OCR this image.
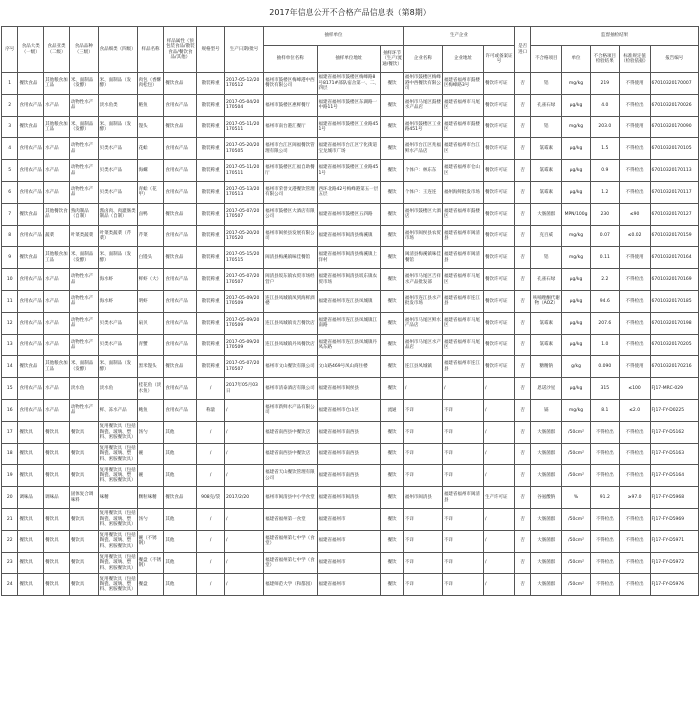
2017年信息公开不合格产品信息表（第8期）
序号	食品大类（一级）	食品亚类（二级）	食品品种（三级）	食品细类（四级）	样品名称	样品属性（预包装食品/散装食品/餐饮食品/其他）	规格型号	生产日期/批号	抽样单位			生产企业			是否进口	监督抽检结果				
									抽样单位名称	抽样单位地址	抽样环节（生产/流通/餐饮）	企业名称	企业地址	许可或备案证号		不合格项目	单位	不合格项目检验结果	标准规定值（检验依据）	报告编号
1	餐饮食品	其他粮食加工品	米、面制品（发酵）	米、面制品（发酵）	肉包（香酥肉松包）	餐饮食品	散装称重	2017-05-12/20170512	福州市鼓楼区梅峰港中西餐饮有限公司	福建省福州市鼓楼区梅峰路8号8171#部队宿舍第一、二、四层	餐饮	福州市鼓楼区梅峰港中西餐饮有限公司	福建省福州市鼓楼区梅峰路3号	餐饮许可证	否	铝	mg/kg	219	不得使用	67010320170007
2	食用农产品	水产品	动物性水产品	淡水鱼类	鲢鱼	食用农产品	散装称重	2017-05-04/20170504	福州市鼓楼区惠鲜餐厅	福建省福州市鼓楼区东湖路一中路11号	餐饮	福州市马尾区鼓楼水产品店	福建省福州市马尾区	餐饮许可证	否	孔雀石绿	μg/kg	4.0	不得检出	67010320170026
3	餐饮食品	其他粮食加工品	米、面制品（发酵）	米、面制品（发酵）	馒头	餐饮食品	散装称重	2017-05-11/20170511	福州市南台港汇餐厅	福建省福州市鼓楼区工业路451号	餐饮	福州市鼓楼区工业路451号	福建省福州市鼓楼区	餐饮许可证	否	铝	mg/kg	203.0	不得使用	67010320170090
4	食用农产品	水产品	动物性水产品	贝类水产品	花蛤	食用农产品	散装称重	2017-05-20/20170505	福州市台江区闽福餐饮管理有限公司	福建省福州市台江区宁化街道宝龙城市广场	餐饮	福州市台江区兆福鲜水产品店	福建省福州市台江区	餐饮许可证	否	氯霉素	μg/kg	1.5	不得检出	67010320170105
5	食用农产品	水产品	动物性水产品	贝类水产品	海螺	食用农产品	散装称重	2017-05-11/20170511	福州市鼓楼区汇福自助餐厅	福建省福州市鼓楼区工业路451号	餐饮	个体户：林东东	福建省福州市仓山区	餐饮许可证	否	氯霉素	μg/kg	0.9	不得检出	67010320170113
6	食用农产品	水产品	动物性水产品	贝类水产品	青蛤（花甲）	食用农产品	散装称重	2017-05-13/20170513	福州市荣誉文港餐饮管理有限公司	西环北路42号梅峰港第五一层五层	餐饮	个体户：王连连	福州海鲜批发市场	餐饮许可证	否	氯霉素	μg/kg	1.2	不得检出	67010320170117
7	餐饮食品	其他餐饮食品	熟肉制品（自制）	酱卤肉、肉灌肠类制品（自制）	卤鸭	餐饮食品	散装称重	2017-05-07/20170507	福州市鼓楼区大酒店有限公司	福建省福州市鼓楼区五四路	餐饮	福州市鼓楼区大酒店	福建省福州市鼓楼区	餐饮许可证	否	大肠菌群	MPN/100g	230	≤90	67010320170127
8	食用农产品	蔬菜	叶菜类蔬菜	叶菜类蔬菜（芹菜）	芹菜	食用农产品	散装称重	2017-05-20/20170520	福州市闽侯县发展有限公司	福建省福州市闽清县梅溪镇	餐饮	福州市闽侯县农贸市场	福建省福州市闽清县	餐饮许可证	否	克百威	mg/kg	0.07	≤0.02	67010320170159
9	餐饮食品	其他粮食加工品	米、面制品（发酵）	米、面制品（发酵）	白馒头	餐饮食品	散装称重	2017-05-15/20170515	闽清县梅溪镇味佳餐馆	福建省福州市闽清县梅溪镇上洋村	餐饮	闽清县梅溪镇味佳餐馆	福建省福州市闽清县	餐饮许可证	否	铝	mg/kg	0.11	不得使用	67010320170164
10	食用农产品	水产品	动物性水产品	海水虾	鲜虾（大）	食用农产品	散装称重	2017-05-07/20170507	闽清县坂东镇农贸市场经营户	福建省福州市闽清县坂东镇农贸市场	餐饮	福州市马尾区吉祥水产品批发部	福建省福州市马尾区	餐饮许可证	否	孔雀石绿	μg/kg	2.2	不得检出	67010320170169
11	食用农产品	水产品	动物性水产品	海水虾	明虾	食用农产品	散装称重	2017-05-09/20170509	连江县凤城镇凤到海鲜酒楼	福建省福州市连江县凤城镇	餐饮	福州市连江县水产批发市场	福建省福州市连江县	餐饮许可证	否	呋喃唑酮代谢物（AOZ）	μg/kg	94.6	不得检出	67010320170185
12	食用农产品	水产品	动物性水产品	贝类水产品	扇贝	食用农产品	散装称重	2017-05-09/20170509	连江县凤城镇贡吉餐饮店	福建省福州市连江县凤城镇江南路	餐饮	福州市马尾区鲜水产品店	福建省福州市马尾区	餐饮许可证	否	氯霉素	μg/kg	207.6	不得检出	67010320170198
13	食用农产品	水产品	动物性水产品	贝类水产品	青蟹	食用农产品	散装称重	2017-05-09/20170509	连江县凤城镇丹凤餐饮店	福建省福州市连江县凤城镇丹凤东路	餐饮	福州市马尾区水产品店	福建省福州市马尾区	餐饮许可证	否	氯霉素	μg/kg	1.0	不得检出	67010320170205
14	餐饮食品	其他粮食加工品	米、面制品（发酵）	米、面制品（发酵）	黑米馒头	餐饮食品	散装称重	2017-05-07/20170507	福州市文山餐饮有限公司	文山路469号凤山商住楼	餐饮	连江县凤城镇	福建省福州市连江县	餐饮许可证	否	糖精钠	g/kg	0.090	不得使用	67010320170216
15	食用农产品	水产品	淡水鱼	淡水鱼	桂花鱼（淡水鱼）	食用农产品	/	2017年05月03日	福州市清泰酒店有限公司	福建省福州市闽侯县	餐饮	/	/	/	否	恩诺沙星	μg/kg	315	≤100	FJ17-MRC-029
16	食用农产品	水产品	动物性水产品	鲜、冻水产品	鲍鱼	食用农产品	称量	/	福州市新鲜水产品有限公司	福建省福州市仓山区	流通	不详	不详	/	否	镉	mg/kg	8.1	≤2.0	FJ17-FY-D0225
17	餐饮具	餐饮具	餐饮具	复用餐饮具（包括陶瓷、玻璃、塑料、密胺餐饮具）	汤勺	其他	/	/	福建省南西县中餐饮店	福建省福州市南西县	餐饮	不详	不详	/	否	大肠菌群	/50cm²	不得检出	不得检出	FJ17-FY-D5162
18	餐饮具	餐饮具	餐饮具	复用餐饮具（包括陶瓷、玻璃、塑料、密胺餐饮具）	碗	其他	/	/	福建省南西县中餐饮店	福建省福州市南西县	餐饮	不详	不详	/	否	大肠菌群	/50cm²	不得检出	不得检出	FJ17-FY-D5163
19	餐饮具	餐饮具	餐饮具	复用餐饮具（包括陶瓷、玻璃、塑料、密胺餐饮具）	碗	其他	/	/	福建省天山餐饮管理有限公司	福建省福州市南西县	餐饮	不详	不详	/	否	大肠菌群	/50cm²	不得检出	不得检出	FJ17-FY-D5164
20	调味品	调味品	固体复合调味料	味精	颗粒味精	餐饮食品	908克/袋	2017/2/20	福州市闽清县中小学食堂	福建省福州市闽清县	餐饮	福州市闽清县	福建省福州市闽清县	生产许可证	否	谷氨酸钠	%	91.2	≥97.0	FJ17-FY-D5968
21	餐饮具	餐饮具	餐饮具	复用餐饮具（包括陶瓷、玻璃、塑料、密胺餐饮具）	汤勺	其他	/	/	福建省福州第一食堂	福建省福州市	餐饮	不详	不详	/	否	大肠菌群	/50cm²	不得检出	不得检出	FJ17-FY-D5969
22	餐饮具	餐饮具	餐饮具	复用餐饮具（包括陶瓷、玻璃、塑料、密胺餐饮具）	碗（不锈钢）	其他	/	/	福建省福州第七中学（食堂）	福建省福州市	餐饮	不详	不详	/	否	大肠菌群	/50cm²	不得检出	不得检出	FJ17-FY-D5971
23	餐饮具	餐饮具	餐饮具	复用餐饮具（包括陶瓷、玻璃、塑料、密胺餐饮具）	餐盘（不锈钢）	其他	/	/	福建省福州第七中学（食堂）	福建省福州市	餐饮	不详	不详	/	否	大肠菌群	/50cm²	不得检出	不得检出	FJ17-FY-D5972
24	餐饮具	餐饮具	餐饮具	复用餐饮具（包括陶瓷、玻璃、塑料、密胺餐饮具）	餐盘	其他	/	/	福建师范大学（和都园）	福建省福州市	餐饮	不详	不详	/	否	大肠菌群	/50cm²	不得检出	不得检出	FJ17-FY-D5976
